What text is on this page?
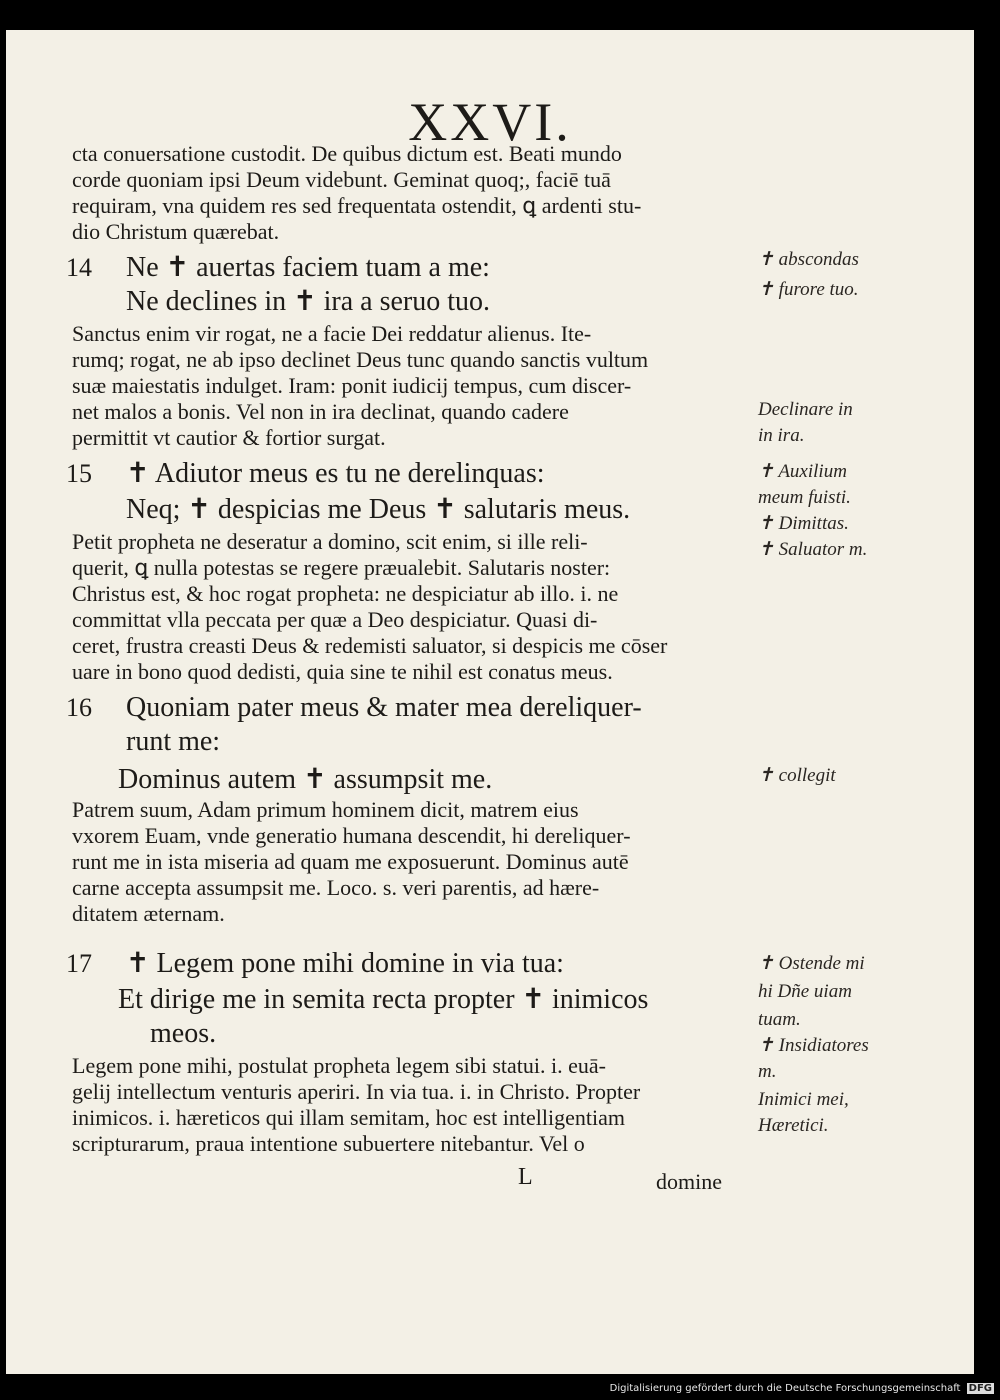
XXVI.
cta conuersatione custodit. De quibus dictum est. Beati mundo
corde quoniam ipsi Deum videbunt. Geminat quoq;, faciē tuā
requiram, vna quidem res sed frequentata ostendit, ꝗ ardenti stu-
dio Christum quærebat.
14 Ne ✝ auertas faciem tuam a me:
Ne declines in ✝ ira a seruo tuo.
Sanctus enim vir rogat, ne a facie Dei reddatur alienus. Ite-
rumq; rogat, ne ab ipso declinet Deus tunc quando sanctis vultum
suæ maiestatis indulget. Iram: ponit iudicij tempus, cum discer-
net malos a bonis. Vel non in ira declinat, quando cadere
permittit vt cautior & fortior surgat.
15 ✝ Adiutor meus es tu ne derelinquas:
Neq; ✝ despicias me Deus ✝ salutaris meus.
Petit propheta ne deseratur a domino, scit enim, si ille reli-
querit, ꝗ nulla potestas se regere præualebit. Salutaris noster:
Christus est, & hoc rogat propheta: ne despiciatur ab illo. i. ne
committat vlla peccata per quæ a Deo despiciatur. Quasi di-
ceret, frustra creasti Deus & redemisti saluator, si despicis me cōser
uare in bono quod dedisti, quia sine te nihil est conatus meus.
16 Quoniam pater meus & mater mea dereliquer-
runt me:
Dominus autem ✝ assumpsit me.
Patrem suum, Adam primum hominem dicit, matrem eius
vxorem Euam, vnde generatio humana descendit, hi dereliquer-
runt me in ista miseria ad quam me exposuerunt. Dominus autē
carne accepta assumpsit me. Loco. s. veri parentis, ad hære-
ditatem æternam.
17 ✝ Legem pone mihi domine in via tua:
Et dirige me in semita recta propter ✝ inimicos
meos.
Legem pone mihi, postulat propheta legem sibi statui. i. euā-
gelij intellectum venturis aperiri. In via tua. i. in Christo. Propter
inimicos. i. hæreticos qui illam semitam, hoc est intelligentiam
scripturarum, praua intentione subuertere nitebantur. Vel o
L	domine
✝ abscondas
✝ furore tuo.
Declinare in
in ira.
✝ Auxilium
meum fuisti.
✝ Dimittas.
✝ Saluator m.
✝ collegit
✝ Ostende mi
hi Dñe uiam
tuam.
✝ Insidiatores
m.
Inimici mei,
Hæretici.
Digitalisierung gefördert durch die Deutsche Forschungsgemeinschaft DFG
